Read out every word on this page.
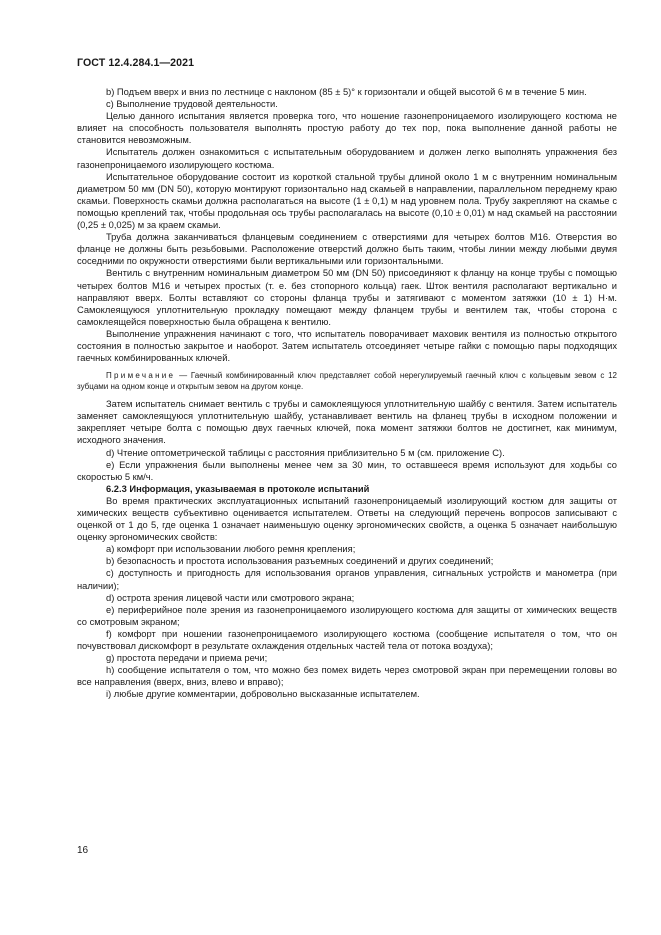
ГОСТ 12.4.284.1—2021

b) Подъем вверх и вниз по лестнице с наклоном (85 ± 5)° к горизонтали и общей высотой 6 м в течение 5 мин.

c) Выполнение трудовой деятельности.

Целью данного испытания является проверка того, что ношение газонепроницаемого изолирующего костюма не влияет на способность пользователя выполнять простую работу до тех пор, пока выполнение данной работы не становится невозможным.

Испытатель должен ознакомиться с испытательным оборудованием и должен легко выполнять упражнения без газонепроницаемого изолирующего костюма.

Испытательное оборудование состоит из короткой стальной трубы длиной около 1 м с внутренним номинальным диаметром 50 мм (DN 50), которую монтируют горизонтально над скамьей в направлении, параллельном переднему краю скамьи. Поверхность скамьи должна располагаться на высоте (1 ± 0,1) м над уровнем пола. Трубу закрепляют на скамье с помощью креплений так, чтобы продольная ось трубы располагалась на высоте (0,10 ± 0,01) м над скамьей на расстоянии (0,25 ± 0,025) м за краем скамьи.

Труба должна заканчиваться фланцевым соединением с отверстиями для четырех болтов M16. Отверстия во фланце не должны быть резьбовыми. Расположение отверстий должно быть таким, чтобы линии между любыми двумя соседними по окружности отверстиями были вертикальными или горизонтальными.

Вентиль с внутренним номинальным диаметром 50 мм (DN 50) присоединяют к фланцу на конце трубы с помощью четырех болтов M16 и четырех простых (т. е. без стопорного кольца) гаек. Шток вентиля располагают вертикально и направляют вверх. Болты вставляют со стороны фланца трубы и затягивают с моментом затяжки (10 ± 1) Н·м. Самоклеящуюся уплотнительную прокладку помещают между фланцем трубы и вентилем так, чтобы сторона с самоклеящейся поверхностью была обращена к вентилю.

Выполнение упражнения начинают с того, что испытатель поворачивает маховик вентиля из полностью открытого состояния в полностью закрытое и наоборот. Затем испытатель отсоединяет четыре гайки с помощью пары подходящих гаечных комбинированных ключей.

Примечание — Гаечный комбинированный ключ представляет собой нерегулируемый гаечный ключ с кольцевым зевом с 12 зубцами на одном конце и открытым зевом на другом конце.

Затем испытатель снимает вентиль с трубы и самоклеящуюся уплотнительную шайбу с вентиля. Затем испытатель заменяет самоклеящуюся уплотнительную шайбу, устанавливает вентиль на фланец трубы в исходном положении и закрепляет четыре болта с помощью двух гаечных ключей, пока момент затяжки болтов не достигнет, как минимум, исходного значения.

d) Чтение оптометрической таблицы с расстояния приблизительно 5 м (см. приложение С).

e) Если упражнения были выполнены менее чем за 30 мин, то оставшееся время используют для ходьбы со скоростью 5 км/ч.

6.2.3 Информация, указываемая в протоколе испытаний

Во время практических эксплуатационных испытаний газонепроницаемый изолирующий костюм для защиты от химических веществ субъективно оценивается испытателем. Ответы на следующий перечень вопросов записывают с оценкой от 1 до 5, где оценка 1 означает наименьшую оценку эргономических свойств, а оценка 5 означает наибольшую оценку эргономических свойств:

a) комфорт при использовании любого ремня крепления;

b) безопасность и простота использования разъемных соединений и других соединений;

c) доступность и пригодность для использования органов управления, сигнальных устройств и манометра (при наличии);

d) острота зрения лицевой части или смотрового экрана;

e) периферийное поле зрения из газонепроницаемого изолирующего костюма для защиты от химических веществ со смотровым экраном;

f) комфорт при ношении газонепроницаемого изолирующего костюма (сообщение испытателя о том, что он почувствовал дискомфорт в результате охлаждения отдельных частей тела от потока воздуха);

g) простота передачи и приема речи;

h) сообщение испытателя о том, что можно без помех видеть через смотровой экран при перемещении головы во все направления (вверх, вниз, влево и вправо);

i) любые другие комментарии, добровольно высказанные испытателем.

16
